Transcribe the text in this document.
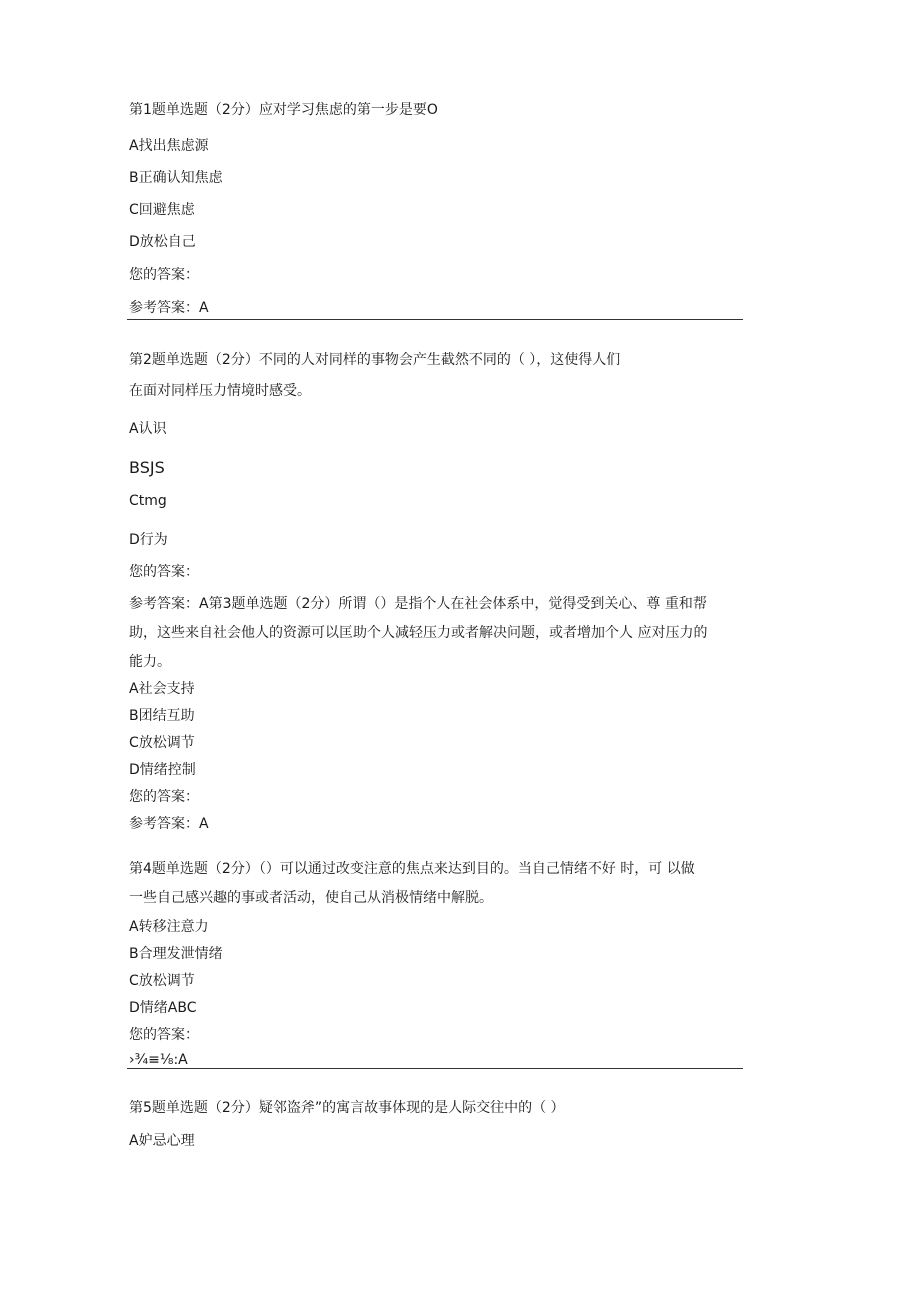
第1题单选题（2分）应对学习焦虑的第一步是要O
A找出焦虑源
B正确认知焦虑
C回避焦虑
D放松自己
您的答案：
参考答案：A
第2题单选题（2分）不同的人对同样的事物会产生截然不同的（ ），这使得人们
在面对同样压力情境时感受。
A认识
BSJS
Ctmg
D行为
您的答案：
参考答案：A第3题单选题（2分）所谓（）是指个人在社会体系中，觉得受到关心、尊 重和帮
助，这些来自社会他人的资源可以匡助个人减轻压力或者解决问题，或者增加个人 应对压力的
能力。
A社会支持
B团结互助
C放松调节
D情绪控制
您的答案：
参考答案：A
第4题单选题（2分）（）可以通过改变注意的焦点来达到目的。当自己情绪不好 时，可 以做
一些自己感兴趣的事或者活动，使自己从消极情绪中解脱。
A转移注意力
B合理发泄情绪
C放松调节
D情绪ABC
您的答案：
›¾≡⅛:A
第5题单选题（2分）疑邻盗斧”的寓言故事体现的是人际交往中的（ ）
A妒忌心理
